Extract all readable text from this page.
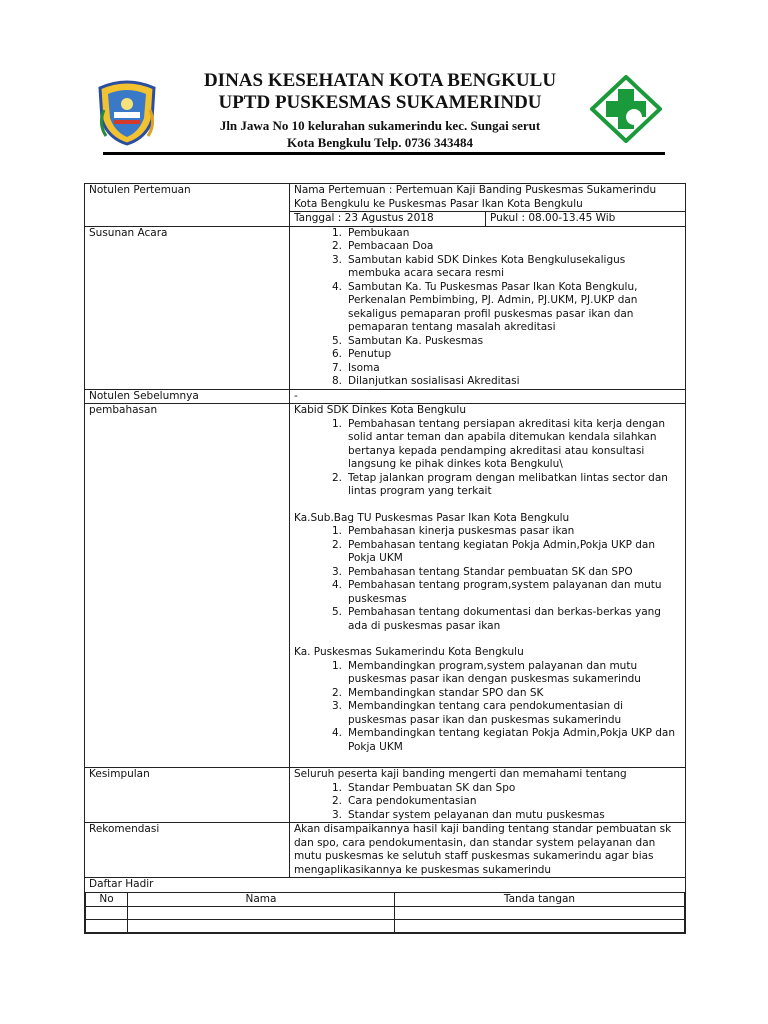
DINAS KESEHATAN KOTA BENGKULU
UPTD PUSKESMAS SUKAMERINDU
Jln Jawa No 10 kelurahan sukamerindu kec. Sungai serut
Kota Bengkulu Telp. 0736 343484
Notulen Pertemuan	Nama Pertemuan : Pertemuan Kaji Banding Puskesmas Sukamerindu Kota Bengkulu ke Puskesmas Pasar Ikan Kota Bengkulu

Tanggal : 23 Agustus 2018	Pukul : 08.00-13.45 Wib

Susunan Acara	1. Pembukaan
2. Pembacaan Doa
3. Sambutan kabid SDK Dinkes Kota Bengkulusekaligus membuka acara secara resmi
4. Sambutan Ka. Tu Puskesmas Pasar Ikan Kota Bengkulu, Perkenalan Pembimbing, PJ. Admin, PJ.UKM, PJ.UKP dan sekaligus pemaparan profil puskesmas pasar ikan dan pemaparan tentang masalah akreditasi
5. Sambutan Ka. Puskesmas
6. Penutup
7. Isoma
8. Dilanjutkan sosialisasi Akreditasi

Notulen Sebelumnya	-
pembahasan	Kabid SDK Dinkes Kota Bengkulu
1. Pembahasan tentang persiapan akreditasi kita kerja dengan solid antar teman dan apabila ditemukan kendala silahkan bertanya kepada pendamping akreditasi atau konsultasi langsung ke pihak dinkes kota Bengkulu\
2. Tetap jalankan program dengan melibatkan lintas sector dan lintas program yang terkait
Ka.Sub.Bag TU Puskesmas Pasar Ikan Kota Bengkulu
1. Pembahasan kinerja puskesmas pasar ikan
2. Pembahasan tentang kegiatan Pokja Admin,Pokja UKP dan Pokja UKM
3. Pembahasan tentang Standar pembuatan SK dan SPO
4. Pembahasan tentang program,system palayanan dan mutu puskesmas
5. Pembahasan tentang dokumentasi dan berkas-berkas yang ada di puskesmas pasar ikan
Ka. Puskesmas Sukamerindu Kota Bengkulu
1. Membandingkan program,system palayanan dan mutu puskesmas pasar ikan dengan puskesmas sukamerindu
2. Membandingkan standar SPO dan SK
3. Membandingkan tentang cara pendokumentasian di puskesmas pasar ikan dan puskesmas sukamerindu
4. Membandingkan tentang kegiatan Pokja Admin,Pokja UKP dan Pokja UKM

Kesimpulan	Seluruh peserta kaji banding mengerti dan memahami tentang
1. Standar Pembuatan SK dan Spo
2. Cara pendokumentasian
3. Standar system pelayanan dan mutu puskesmas

Rekomendasi	Akan disampaikannya hasil kaji banding tentang standar pembuatan sk dan spo, cara pendokumentasin, dan standar system pelayanan dan mutu puskesmas ke selutuh staff puskesmas sukamerindu agar bias mengaplikasikannya ke puskesmas sukamerindu

Daftar Hadir
No	Nama	Tanda tangan
